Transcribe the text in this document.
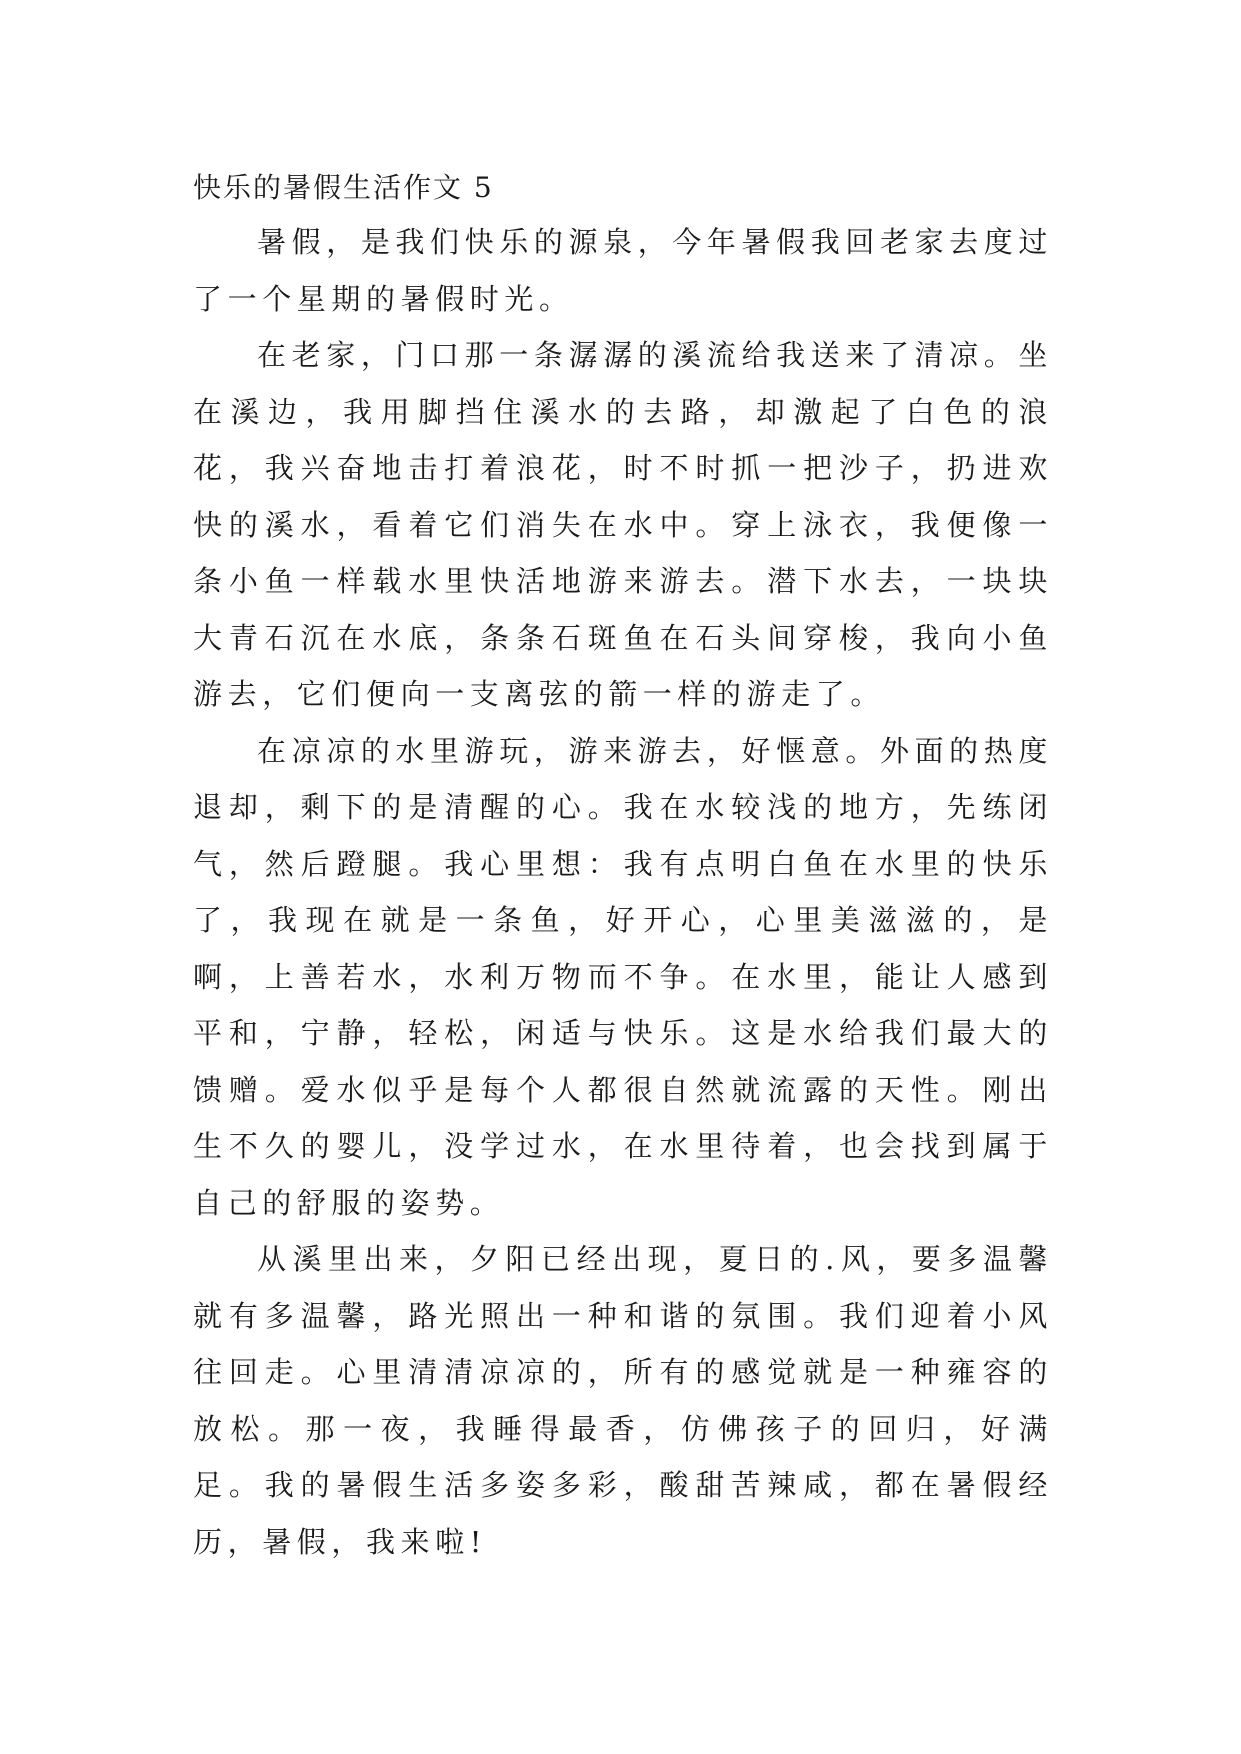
快乐的暑假生活作文 5

暑假，是我们快乐的源泉，今年暑假我回老家去度过了一个星期的暑假时光。

在老家，门口那一条潺潺的溪流给我送来了清凉。坐在溪边，我用脚挡住溪水的去路，却激起了白色的浪花，我兴奋地击打着浪花，时不时抓一把沙子，扔进欢快的溪水，看着它们消失在水中。穿上泳衣，我便像一条小鱼一样载水里快活地游来游去。潜下水去，一块块大青石沉在水底，条条石斑鱼在石头间穿梭，我向小鱼游去，它们便向一支离弦的箭一样的游走了。

在凉凉的水里游玩，游来游去，好惬意。外面的热度退却，剩下的是清醒的心。我在水较浅的地方，先练闭气，然后蹬腿。我心里想：我有点明白鱼在水里的快乐了，我现在就是一条鱼，好开心，心里美滋滋的，是啊，上善若水，水利万物而不争。在水里，能让人感到平和，宁静，轻松，闲适与快乐。这是水给我们最大的馈赠。爱水似乎是每个人都很自然就流露的天性。刚出生不久的婴儿，没学过水，在水里待着，也会找到属于自己的舒服的姿势。

从溪里出来，夕阳已经出现，夏日的.风，要多温馨就有多温馨，路光照出一种和谐的氛围。我们迎着小风往回走。心里清清凉凉的，所有的感觉就是一种雍容的放松。那一夜，我睡得最香，仿佛孩子的回归，好满足。我的暑假生活多姿多彩，酸甜苦辣咸，都在暑假经历，暑假，我来啦!
